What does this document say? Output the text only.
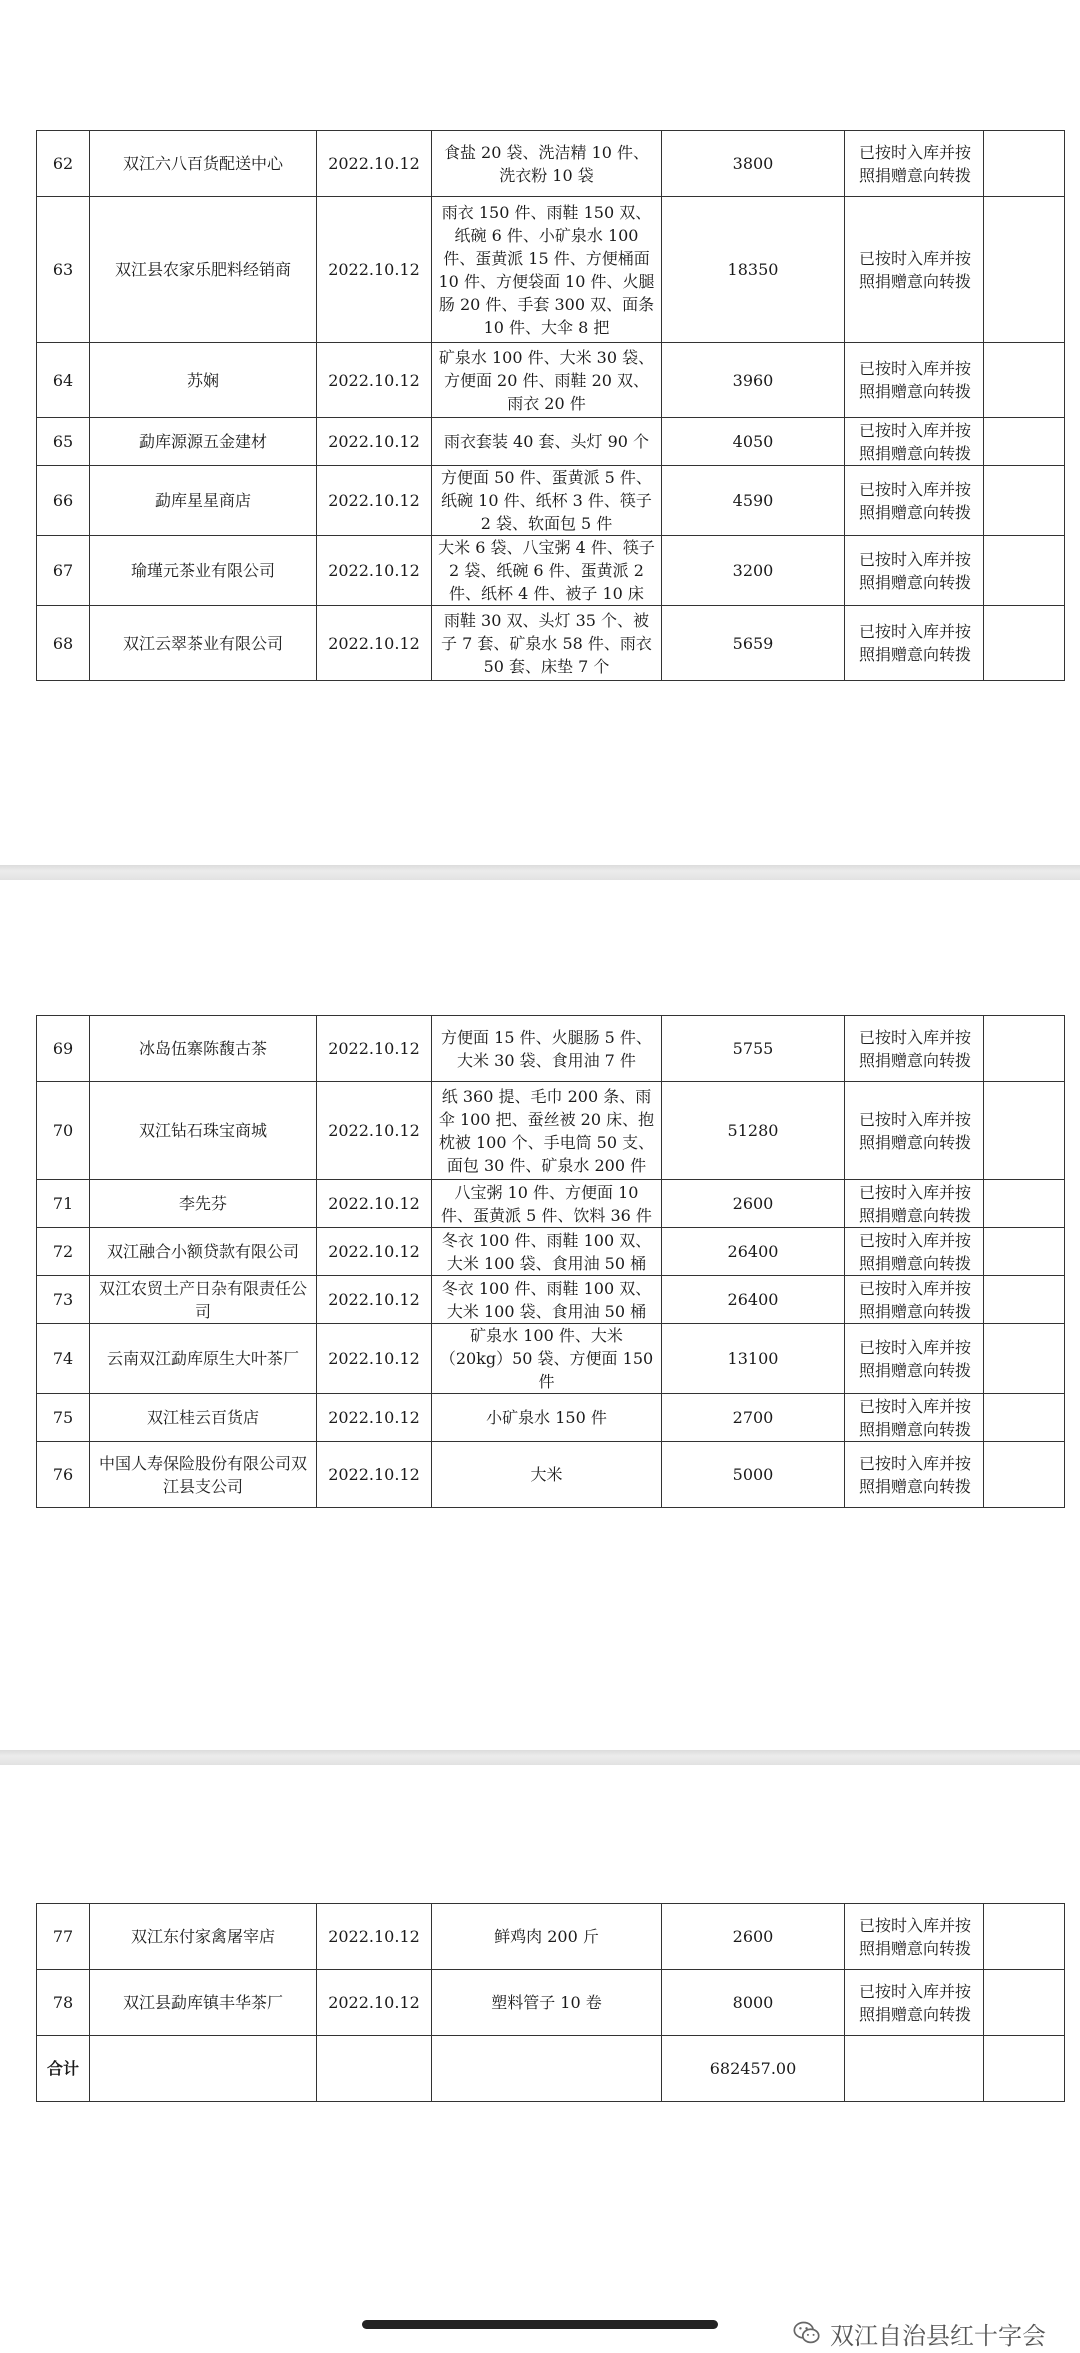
62	双江六八百货配送中心	2022.10.12	食盐 20 袋、洗洁精 10 件、洗衣粉 10 袋	3800	已按时入库并按照捐赠意向转拨	
63	双江县农家乐肥料经销商	2022.10.12	雨衣 150 件、雨鞋 150 双、纸碗 6 件、小矿泉水 100 件、蛋黄派 15 件、方便桶面 10 件、方便袋面 10 件、火腿肠 20 件、手套 300 双、面条 10 件、大伞 8 把	18350	已按时入库并按照捐赠意向转拨	
64	苏娴	2022.10.12	矿泉水 100 件、大米 30 袋、方便面 20 件、雨鞋 20 双、雨衣 20 件	3960	已按时入库并按照捐赠意向转拨	
65	勐库源源五金建材	2022.10.12	雨衣套装 40 套、头灯 90 个	4050	已按时入库并按照捐赠意向转拨	
66	勐库星星商店	2022.10.12	方便面 50 件、蛋黄派 5 件、纸碗 10 件、纸杯 3 件、筷子 2 袋、软面包 5 件	4590	已按时入库并按照捐赠意向转拨	
67	瑜瑾元茶业有限公司	2022.10.12	大米 6 袋、八宝粥 4 件、筷子 2 袋、纸碗 6 件、蛋黄派 2 件、纸杯 4 件、被子 10 床	3200	已按时入库并按照捐赠意向转拨	
68	双江云翠茶业有限公司	2022.10.12	雨鞋 30 双、头灯 35 个、被子 7 套、矿泉水 58 件、雨衣 50 套、床垫 7 个	5659	已按时入库并按照捐赠意向转拨	
69	冰岛伍寨陈馥古茶	2022.10.12	方便面 15 件、火腿肠 5 件、大米 30 袋、食用油 7 件	5755	已按时入库并按照捐赠意向转拨	
70	双江钻石珠宝商城	2022.10.12	纸 360 提、毛巾 200 条、雨伞 100 把、蚕丝被 20 床、抱枕被 100 个、手电筒 50 支、面包 30 件、矿泉水 200 件	51280	已按时入库并按照捐赠意向转拨	
71	李先芬	2022.10.12	八宝粥 10 件、方便面 10 件、蛋黄派 5 件、饮料 36 件	2600	已按时入库并按照捐赠意向转拨	
72	双江融合小额贷款有限公司	2022.10.12	冬衣 100 件、雨鞋 100 双、大米 100 袋、食用油 50 桶	26400	已按时入库并按照捐赠意向转拨	
73	双江农贸土产日杂有限责任公司	2022.10.12	冬衣 100 件、雨鞋 100 双、大米 100 袋、食用油 50 桶	26400	已按时入库并按照捐赠意向转拨	
74	云南双江勐库原生大叶茶厂	2022.10.12	矿泉水 100 件、大米（20kg）50 袋、方便面 150 件	13100	已按时入库并按照捐赠意向转拨	
75	双江桂云百货店	2022.10.12	小矿泉水 150 件	2700	已按时入库并按照捐赠意向转拨	
76	中国人寿保险股份有限公司双江县支公司	2022.10.12	大米	5000	已按时入库并按照捐赠意向转拨	
77	双江东付家禽屠宰店	2022.10.12	鲜鸡肉 200 斤	2600	已按时入库并按照捐赠意向转拨	
78	双江县勐库镇丰华茶厂	2022.10.12	塑料管子 10 卷	8000	已按时入库并按照捐赠意向转拨	
合计				682457.00		
双江自治县红十字会
